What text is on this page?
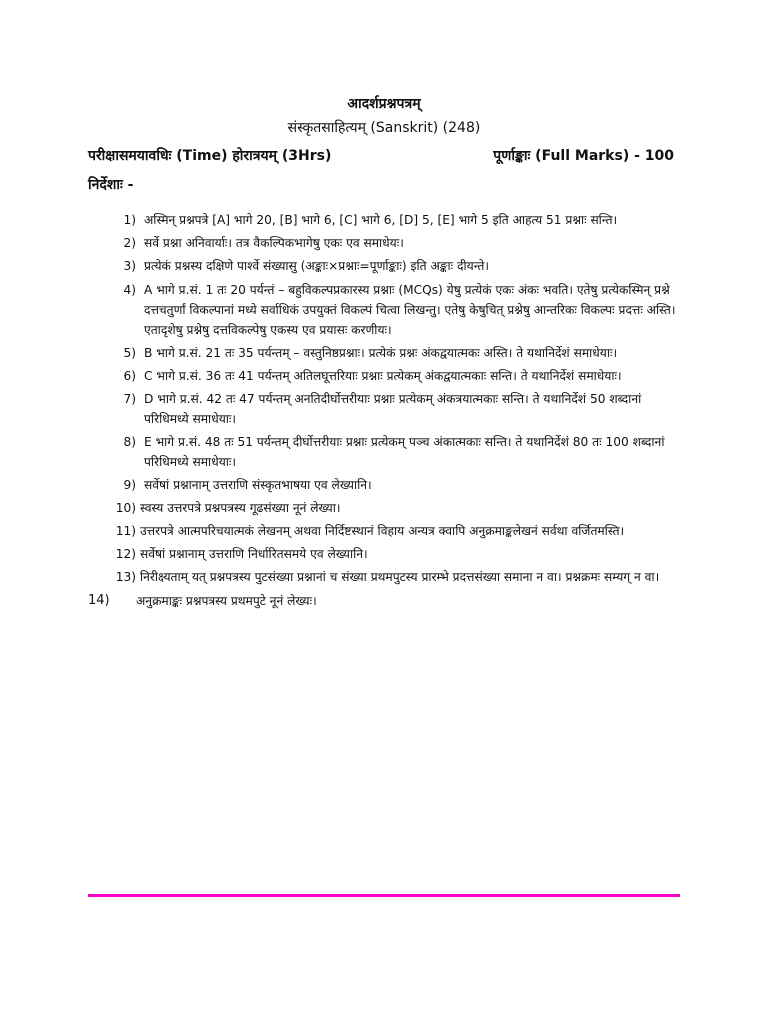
आदर्शप्रश्नपत्रम्
संस्कृतसाहित्यम् (Sanskrit) (248)
परीक्षासमयावधिः (Time) होरात्रयम् (3Hrs)	पूर्णाङ्काः (Full Marks) - 100
निर्देशाः -
1) अस्मिन् प्रश्नपत्रे [A] भागे 20, [B] भागे 6, [C] भागे 6, [D] 5, [E] भागे 5 इति आहत्य 51 प्रश्नाः सन्ति।
2) सर्वे प्रश्ना अनिवार्याः। तत्र वैकल्पिकभागेषु एकः एव समाधेयः।
3) प्रत्येकं प्रश्नस्य दक्षिणे पार्श्वे संख्यासु (अङ्काः×प्रश्नाः=पूर्णाङ्काः) इति अङ्काः दीयन्ते।
4) A भागे प्र.सं. 1 तः 20 पर्यन्तं – बहुविकल्पप्रकारस्य प्रश्नाः (MCQs) येषु प्रत्येकं एकः अंकः भवति। एतेषु प्रत्येकस्मिन् प्रश्ने दत्तचतुर्णां विकल्पानां मध्ये सर्वाधिकं उपयुक्तं विकल्पं चित्वा लिखन्तु। एतेषु केषुचित् प्रश्नेषु आन्तरिकः विकल्पः प्रदत्तः अस्ति। एतादृशेषु प्रश्नेषु दत्तविकल्पेषु एकस्य एव प्रयासः करणीयः।
5) B भागे प्र.सं. 21 तः 35 पर्यन्तम् – वस्तुनिष्ठप्रश्नाः। प्रत्येकं प्रश्नः अंकद्वयात्मकः अस्ति। ते यथानिर्देशं समाधेयाः।
6) C भागे प्र.सं. 36 तः 41 पर्यन्तम् अतिलघूत्तरियाः प्रश्नाः प्रत्येकम् अंकद्वयात्मकाः सन्ति। ते यथानिर्देशं समाधेयाः।
7) D भागे प्र.सं. 42 तः 47 पर्यन्तम् अनतिदीर्घोत्तरीयाः प्रश्नाः प्रत्येकम् अंकत्रयात्मकाः सन्ति। ते यथानिर्देशं 50 शब्दानां परिधिमध्ये समाधेयाः।
8) E भागे प्र.सं. 48 तः 51 पर्यन्तम् दीर्घोत्तरीयाः प्रश्नाः प्रत्येकम् पञ्च अंकात्मकाः सन्ति। ते यथानिर्देशं 80 तः 100 शब्दानां परिधिमध्ये समाधेयाः।
9) सर्वेषां प्रश्नानाम् उत्तराणि संस्कृतभाषया एव लेख्यानि।
10) स्वस्य उत्तरपत्रे प्रश्नपत्रस्य गूढसंख्या नूनं लेख्या।
11) उत्तरपत्रे आत्मपरिचयात्मकं लेखनम् अथवा निर्दिष्टस्थानं विहाय अन्यत्र क्वापि अनुक्रमाङ्कलेखनं सर्वथा वर्जितमस्ति।
12) सर्वेषां प्रश्नानाम् उत्तराणि निर्धारितसमये एव लेख्यानि।
13) निरीक्ष्यताम् यत् प्रश्नपत्रस्य पुटसंख्या प्रश्नानां च संख्या प्रथमपुटस्य प्रारम्भे प्रदत्तसंख्या समाना न वा। प्रश्नक्रमः सम्यग् न वा।
14)	अनुक्रमाङ्कः प्रश्नपत्रस्य प्रथमपुटे नूनं लेख्यः।
